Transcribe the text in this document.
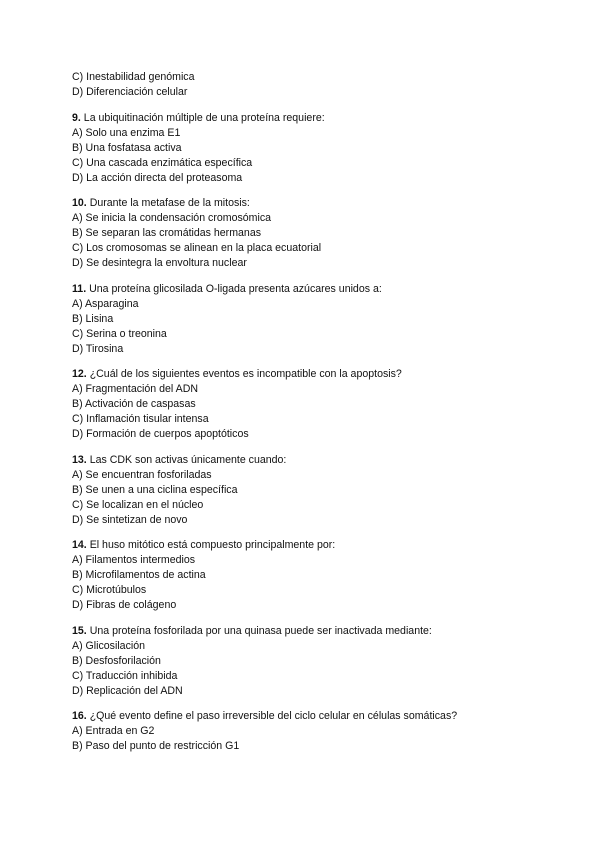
C) Inestabilidad genómica
D) Diferenciación celular
9. La ubiquitinación múltiple de una proteína requiere:
A) Solo una enzima E1
B) Una fosfatasa activa
C) Una cascada enzimática específica
D) La acción directa del proteasoma
10. Durante la metafase de la mitosis:
A) Se inicia la condensación cromosómica
B) Se separan las cromátidas hermanas
C) Los cromosomas se alinean en la placa ecuatorial
D) Se desintegra la envoltura nuclear
11. Una proteína glicosilada O-ligada presenta azúcares unidos a:
A) Asparagina
B) Lisina
C) Serina o treonina
D) Tirosina
12. ¿Cuál de los siguientes eventos es incompatible con la apoptosis?
A) Fragmentación del ADN
B) Activación de caspasas
C) Inflamación tisular intensa
D) Formación de cuerpos apoptóticos
13. Las CDK son activas únicamente cuando:
A) Se encuentran fosforiladas
B) Se unen a una ciclina específica
C) Se localizan en el núcleo
D) Se sintetizan de novo
14. El huso mitótico está compuesto principalmente por:
A) Filamentos intermedios
B) Microfilamentos de actina
C) Microtúbulos
D) Fibras de colágeno
15. Una proteína fosforilada por una quinasa puede ser inactivada mediante:
A) Glicosilación
B) Desfosforilación
C) Traducción inhibida
D) Replicación del ADN
16. ¿Qué evento define el paso irreversible del ciclo celular en células somáticas?
A) Entrada en G2
B) Paso del punto de restricción G1
